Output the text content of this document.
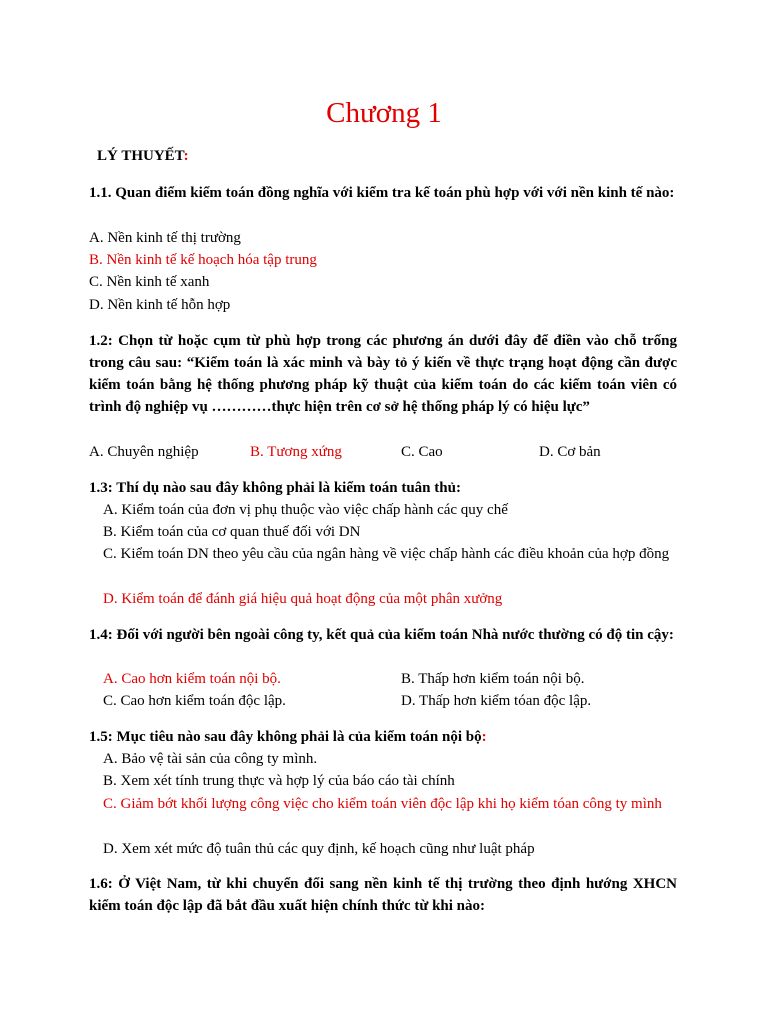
Chương 1
LÝ THUYẾT:
1.1. Quan điểm kiểm toán đồng nghĩa với kiểm tra kế toán phù hợp với với nền kinh tế nào:
A. Nền kinh tế thị trường
B. Nền kinh tế kế hoạch hóa tập trung
C. Nền kinh tế xanh
D. Nền kinh tế hỗn hợp
1.2: Chọn từ hoặc cụm từ phù hợp trong các phương án dưới đây để điền vào chỗ trống trong câu sau: “Kiểm toán là xác minh và bày tỏ ý kiến về thực trạng hoạt động cần được kiểm toán bằng hệ thống phương pháp kỹ thuật của kiểm toán do các kiểm toán viên có trình độ nghiệp vụ …………thực hiện trên cơ sở hệ thống pháp lý có hiệu lực”
A. Chuyên nghiệp	B. Tương xứng	C. Cao	D. Cơ bản
1.3: Thí dụ nào sau đây không phải là kiểm toán tuân thủ:
A. Kiểm toán của đơn vị phụ thuộc vào việc chấp hành các quy chế
B. Kiểm toán của cơ quan thuế đối với DN
C. Kiểm toán DN theo yêu cầu của ngân hàng về việc chấp hành các điều khoản của hợp đồng
D. Kiểm toán để đánh giá hiệu quả hoạt động của một phân xưởng
1.4: Đối với người bên ngoài công ty, kết quả của kiểm toán Nhà nước thường có độ tin cậy:
A. Cao hơn kiểm toán nội bộ.	B. Thấp hơn kiểm toán nội bộ.
C. Cao hơn kiểm toán độc lập.	D. Thấp hơn kiểm tóan độc lập.
1.5: Mục tiêu nào sau đây không phải là của kiểm toán nội bộ:
A. Bảo vệ tài sản của công ty mình.
B. Xem xét tính trung thực và hợp lý của báo cáo tài chính
C. Giảm bớt khối lượng công việc cho kiểm toán viên độc lập khi họ kiểm tóan công ty mình
D. Xem xét mức độ tuân thủ các quy định, kế hoạch cũng như luật pháp
1.6: Ở Việt Nam, từ khi chuyển đổi sang nền kinh tế thị trường theo định hướng XHCN kiểm toán độc lập đã bắt đầu xuất hiện chính thức từ khi nào:
